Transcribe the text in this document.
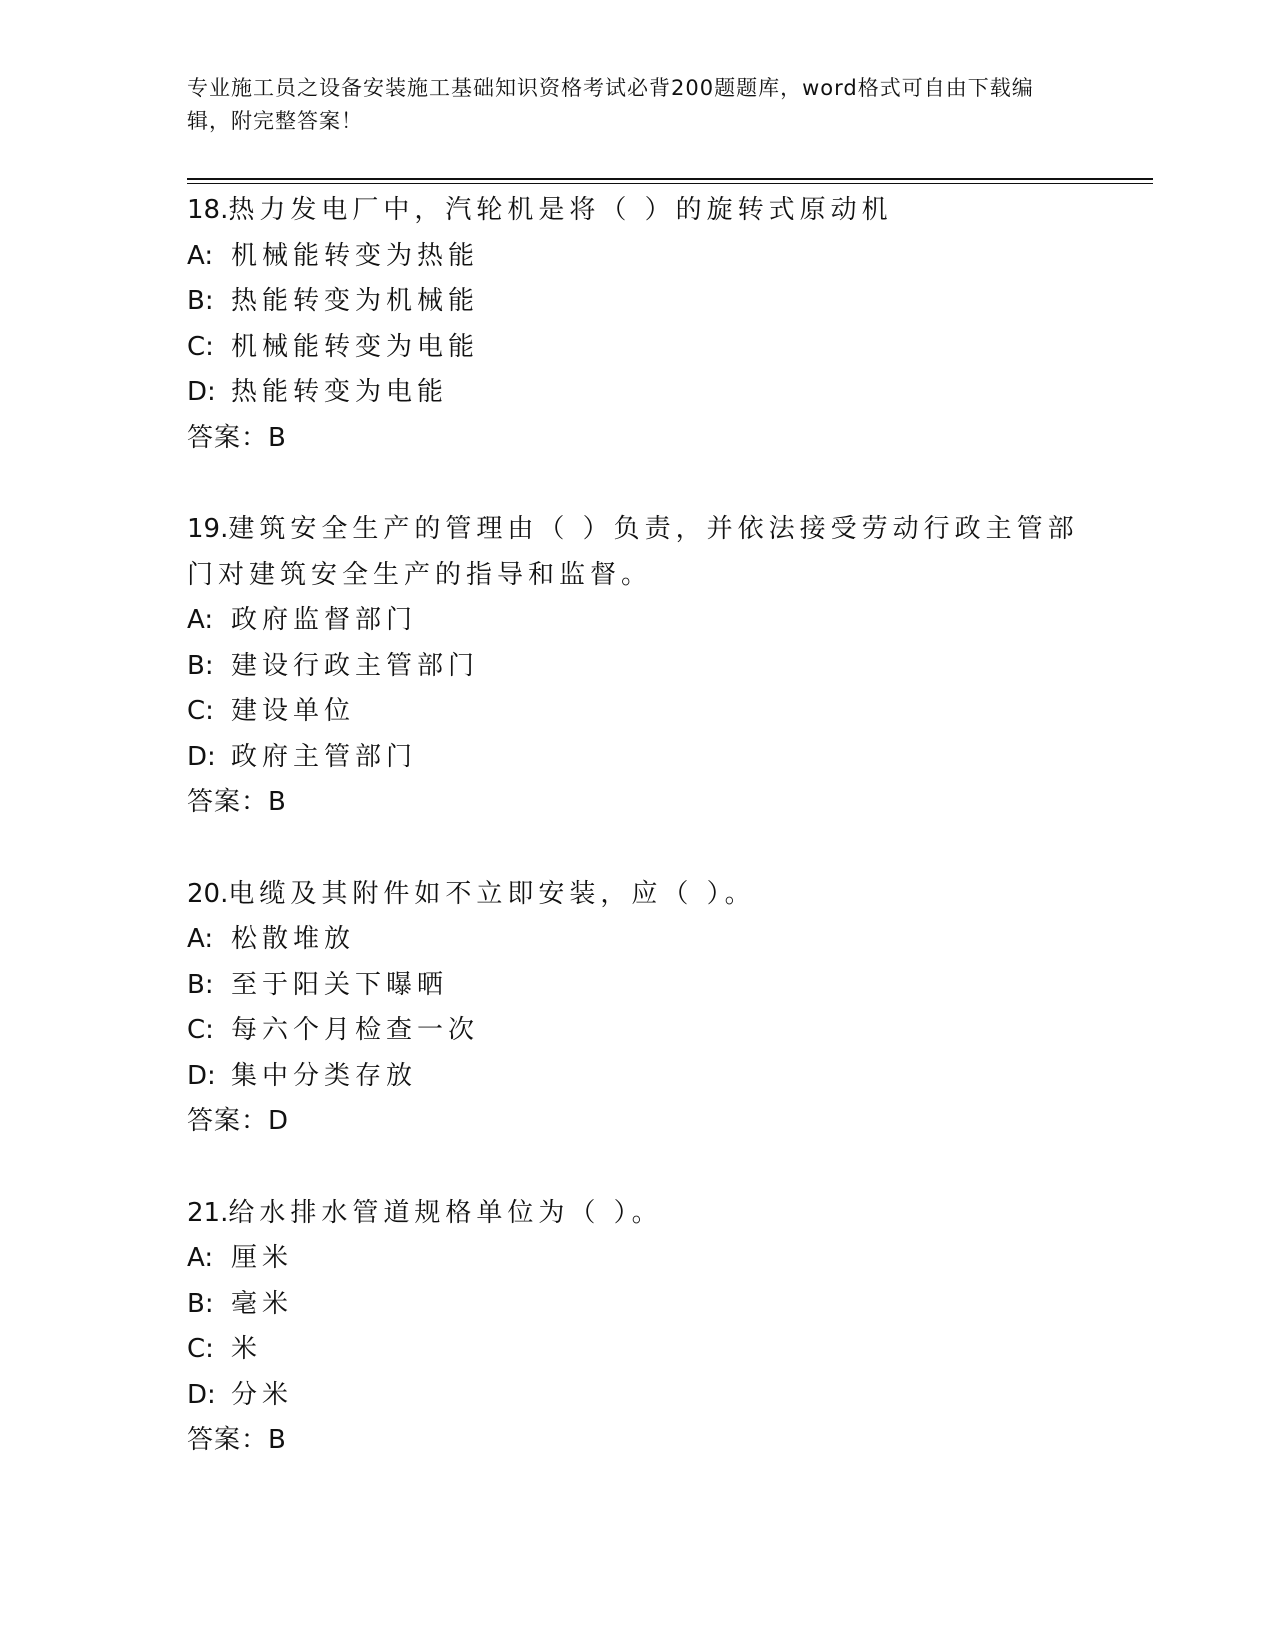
专业施工员之设备安装施工基础知识资格考试必背200题题库，word格式可自由下载编辑，附完整答案！
18.热力发电厂中，汽轮机是将（ ）的旋转式原动机
A: 机械能转变为热能
B: 热能转变为机械能
C: 机械能转变为电能
D: 热能转变为电能
答案：B
19.建筑安全生产的管理由（ ）负责，并依法接受劳动行政主管部门对建筑安全生产的指导和监督。
A: 政府监督部门
B: 建设行政主管部门
C: 建设单位
D: 政府主管部门
答案：B
20.电缆及其附件如不立即安装，应（ ）。
A: 松散堆放
B: 至于阳关下曝晒
C: 每六个月检查一次
D: 集中分类存放
答案：D
21.给水排水管道规格单位为（ ）。
A: 厘米
B: 毫米
C: 米
D: 分米
答案：B
